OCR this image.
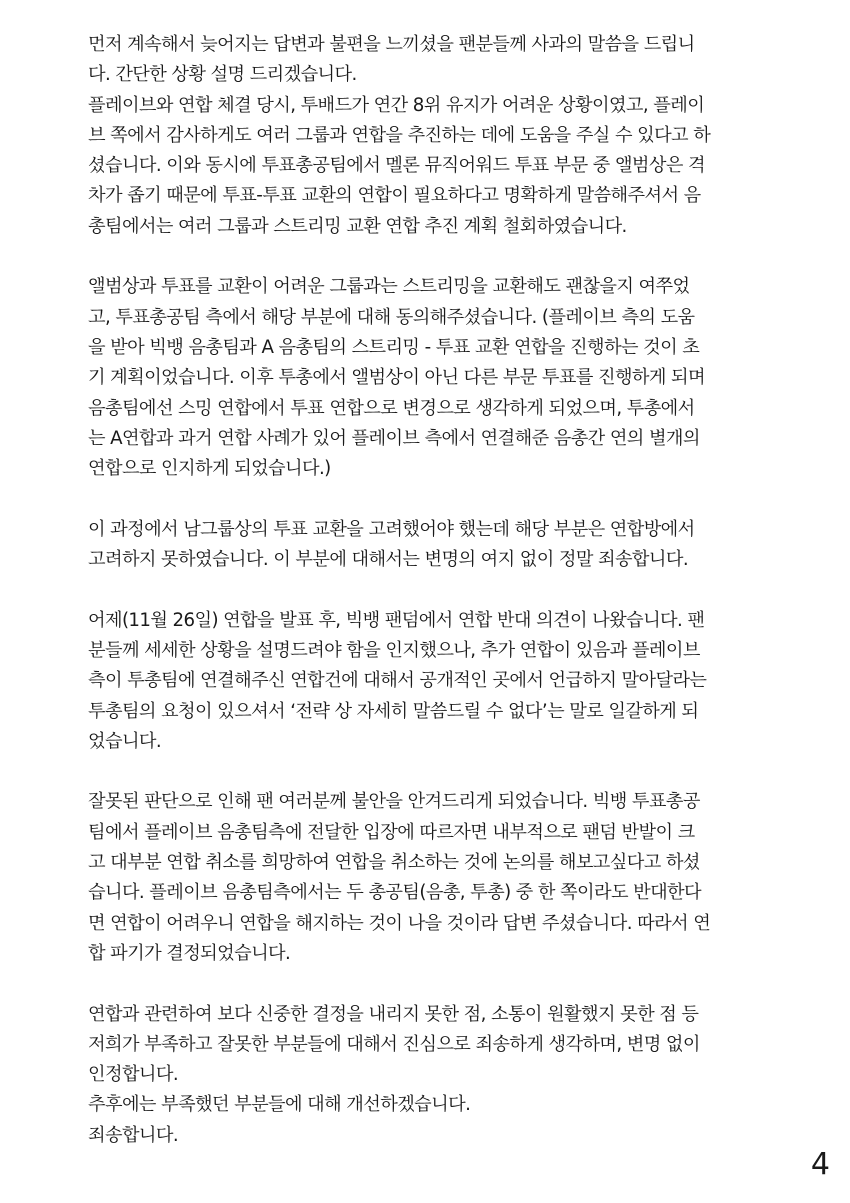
먼저 계속해서 늦어지는 답변과 불편을 느끼셨을 팬분들께 사과의 말씀을 드립니
다. 간단한 상황 설명 드리겠습니다.
플레이브와 연합 체결 당시, 투배드가 연간 8위 유지가 어려운 상황이였고, 플레이
브 쪽에서 감사하게도 여러 그룹과 연합을 추진하는 데에 도움을 주실 수 있다고 하
셨습니다. 이와 동시에 투표총공팀에서 멜론 뮤직어워드 투표 부문 중 앨범상은 격
차가 좁기 때문에 투표-투표 교환의 연합이 필요하다고 명확하게 말씀해주셔서 음
총팀에서는 여러 그룹과 스트리밍 교환 연합 추진 계획 철회하였습니다.

앨범상과 투표를 교환이 어려운 그룹과는 스트리밍을 교환해도 괜찮을지 여쭈었
고, 투표총공팀 측에서 해당 부분에 대해 동의해주셨습니다. (플레이브 측의 도움
을 받아 빅뱅 음총팀과 A 음총팀의 스트리밍 - 투표 교환 연합을 진행하는 것이 초
기 계획이었습니다. 이후 투총에서 앨범상이 아닌 다른 부문 투표를 진행하게 되며
음총팀에선 스밍 연합에서 투표 연합으로 변경으로 생각하게 되었으며, 투총에서
는 A연합과 과거 연합 사례가 있어 플레이브 측에서 연결해준 음총간 연의 별개의
연합으로 인지하게 되었습니다.)

이 과정에서 남그룹상의 투표 교환을 고려했어야 했는데 해당 부분은 연합방에서
고려하지 못하였습니다. 이 부분에 대해서는 변명의 여지 없이 정말 죄송합니다.

어제(11월 26일) 연합을 발표 후, 빅뱅 팬덤에서 연합 반대 의견이 나왔습니다. 팬
분들께 세세한 상황을 설명드려야 함을 인지했으나, 추가 연합이 있음과 플레이브
측이 투총팀에 연결해주신 연합건에 대해서 공개적인 곳에서 언급하지 말아달라는
투총팀의 요청이 있으셔서 ‘전략 상 자세히 말씀드릴 수 없다’는 말로 일갈하게 되
었습니다.

잘못된 판단으로 인해 팬 여러분께 불안을 안겨드리게 되었습니다. 빅뱅 투표총공
팀에서 플레이브 음총팀측에 전달한 입장에 따르자면 내부적으로 팬덤 반발이 크
고 대부분 연합 취소를 희망하여 연합을 취소하는 것에 논의를 해보고싶다고 하셨
습니다. 플레이브 음총팀측에서는 두 총공팀(음총, 투총) 중 한 쪽이라도 반대한다
면 연합이 어려우니 연합을 해지하는 것이 나을 것이라 답변 주셨습니다. 따라서 연
합 파기가 결정되었습니다.

연합과 관련하여 보다 신중한 결정을 내리지 못한 점, 소통이 원활했지 못한 점 등
저희가 부족하고 잘못한 부분들에 대해서 진심으로 죄송하게 생각하며, 변명 없이
인정합니다.
추후에는 부족했던 부분들에 대해 개선하겠습니다.
죄송합니다.

4
